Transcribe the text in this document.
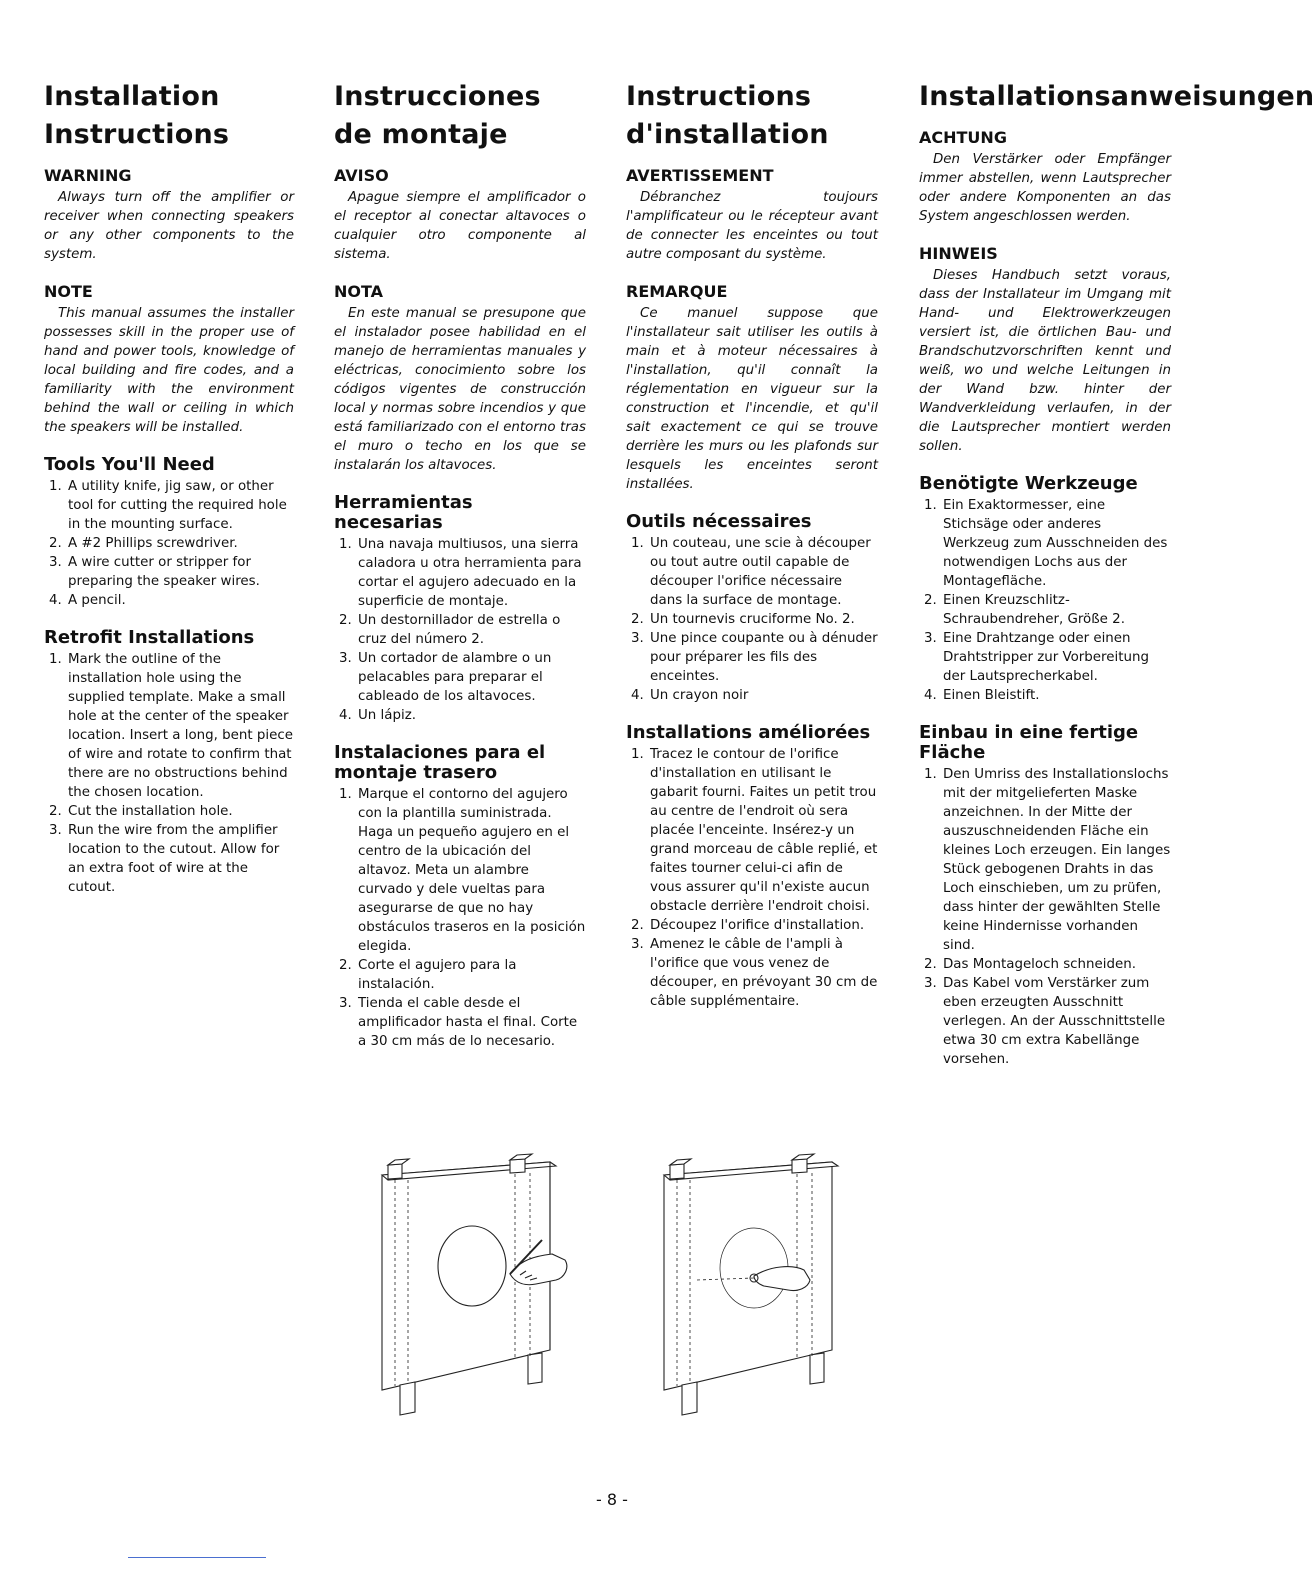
Installation Instructions
WARNING

Always turn off the amplifier or receiver when connecting speakers or any other components to the system.

NOTE

This manual assumes the installer possesses skill in the proper use of hand and power tools, knowledge of local building and fire codes, and a familiarity with the environment behind the wall or ceiling in which the speakers will be installed.

Tools You'll Need
1. A utility knife, jig saw, or other tool for cutting the required hole in the mounting surface.
2. A #2 Phillips screwdriver.
3. A wire cutter or stripper for preparing the speaker wires.
4. A pencil.
Retrofit Installations
1. Mark the outline of the installation hole using the supplied template. Make a small hole at the center of the speaker location. Insert a long, bent piece of wire and rotate to confirm that there are no obstructions behind the chosen location.
2. Cut the installation hole.
3. Run the wire from the amplifier location to the cutout. Allow for an extra foot of wire at the cutout.
Instrucciones de montaje
AVISO

Apague siempre el amplificador o el receptor al conectar altavoces o cualquier otro componente al sistema.

NOTA

En este manual se presupone que el instalador posee habilidad en el manejo de herramientas manuales y eléctricas, conocimiento sobre los códigos vigentes de construcción local y normas sobre incendios y que está familiarizado con el entorno tras el muro o techo en los que se instalarán los altavoces.

Herramientas necesarias
1. Una navaja multiusos, una sierra caladora u otra herramienta para cortar el agujero adecuado en la superficie de montaje.
2. Un destornillador de estrella o cruz del número 2.
3. Un cortador de alambre o un pelacables para preparar el cableado de los altavoces.
4. Un lápiz.
Instalaciones para el montaje trasero
1. Marque el contorno del agujero con la plantilla suministrada. Haga un pequeño agujero en el centro de la ubicación del altavoz. Meta un alambre curvado y dele vueltas para asegurarse de que no hay obstáculos traseros en la posición elegida.
2. Corte el agujero para la instalación.
3. Tienda el cable desde el amplificador hasta el final. Corte a 30 cm más de lo necesario.
Instructions d'installation
AVERTISSEMENT

Débranchez toujours l'amplificateur ou le récepteur avant de connecter les enceintes ou tout autre composant du système.

REMARQUE

Ce manuel suppose que l'installateur sait utiliser les outils à main et à moteur nécessaires à l'installation, qu'il connaît la réglementation en vigueur sur la construction et l'incendie, et qu'il sait exactement ce qui se trouve derrière les murs ou les plafonds sur lesquels les enceintes seront installées.

Outils nécessaires
1. Un couteau, une scie à découper ou tout autre outil capable de découper l'orifice nécessaire dans la surface de montage.
2. Un tournevis cruciforme No. 2.
3. Une pince coupante ou à dénuder pour préparer les fils des enceintes.
4. Un crayon noir
Installations améliorées
1. Tracez le contour de l'orifice d'installation en utilisant le gabarit fourni. Faites un petit trou au centre de l'endroit où sera placée l'enceinte. Insérez-y un grand morceau de câble replié, et faites tourner celui-ci afin de vous assurer qu'il n'existe aucun obstacle derrière l'endroit choisi.
2. Découpez l'orifice d'installation.
3. Amenez le câble de l'ampli à l'orifice que vous venez de découper, en prévoyant 30 cm de câble supplémentaire.
Installationsanweisungen
ACHTUNG

Den Verstärker oder Empfänger immer abstellen, wenn Lautsprecher oder andere Komponenten an das System angeschlossen werden.

HINWEIS

Dieses Handbuch setzt voraus, dass der Installateur im Umgang mit Hand- und Elektrowerkzeugen versiert ist, die örtlichen Bau- und Brandschutzvorschriften kennt und weiß, wo und welche Leitungen in der Wand bzw. hinter der Wandverkleidung verlaufen, in der die Lautsprecher montiert werden sollen.

Benötigte Werkzeuge
1. Ein Exaktormesser, eine Stichsäge oder anderes Werkzeug zum Ausschneiden des notwendigen Lochs aus der Montagefläche.
2. Einen Kreuzschlitz-Schraubendreher, Größe 2.
3. Eine Drahtzange oder einen Drahtstripper zur Vorbereitung der Lautsprecherkabel.
4. Einen Bleistift.
Einbau in eine fertige Fläche
1. Den Umriss des Installationslochs mit der mitgelieferten Maske anzeichnen. In der Mitte der auszuschneidenden Fläche ein kleines Loch erzeugen. Ein langes Stück gebogenen Drahts in das Loch einschieben, um zu prüfen, dass hinter der gewählten Stelle keine Hindernisse vorhanden sind.
2. Das Montageloch schneiden.
3. Das Kabel vom Verstärker zum eben erzeugten Ausschnitt verlegen. An der Ausschnittstelle etwa 30 cm extra Kabellänge vorsehen.
- 8 -
